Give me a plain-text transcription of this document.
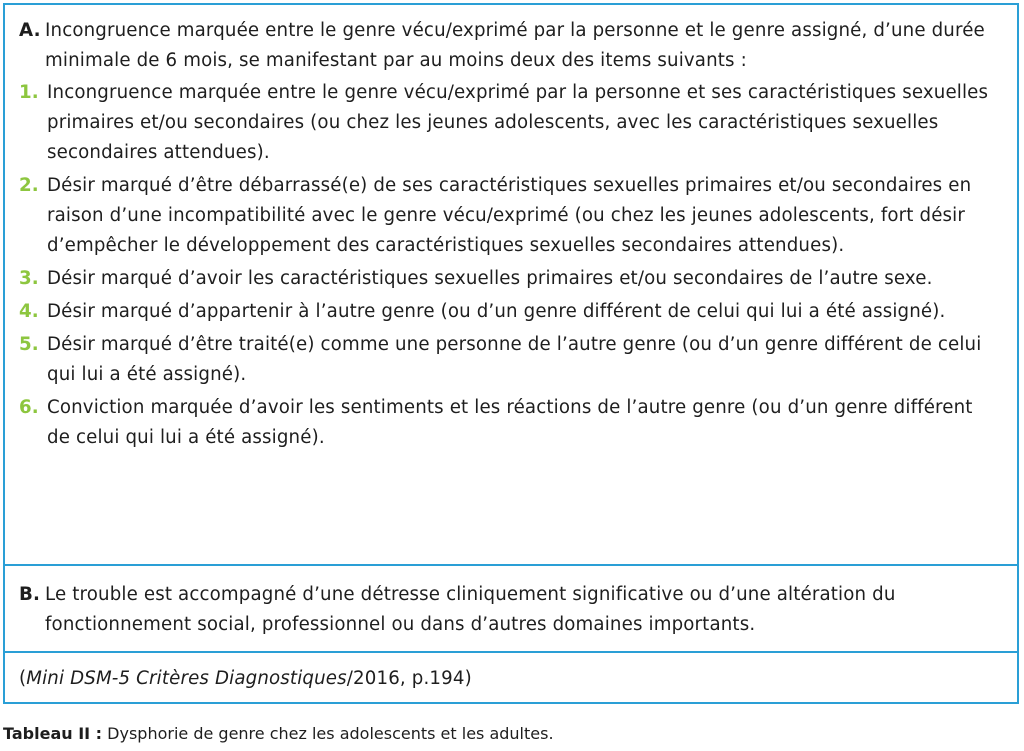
A. Incongruence marquée entre le genre vécu/exprimé par la personne et le genre assigné, d’une durée minimale de 6 mois, se manifestant par au moins deux des items suivants :
1. Incongruence marquée entre le genre vécu/exprimé par la personne et ses caractéristiques sexuelles primaires et/ou secondaires (ou chez les jeunes adolescents, avec les caractéristiques sexuelles secondaires attendues).
2. Désir marqué d’être débarrassé(e) de ses caractéristiques sexuelles primaires et/ou secondaires en raison d’une incompatibilité avec le genre vécu/exprimé (ou chez les jeunes adolescents, fort désir d’empêcher le développement des caractéristiques sexuelles secondaires attendues).
3. Désir marqué d’avoir les caractéristiques sexuelles primaires et/ou secondaires de l’autre sexe.
4. Désir marqué d’appartenir à l’autre genre (ou d’un genre différent de celui qui lui a été assigné).
5. Désir marqué d’être traité(e) comme une personne de l’autre genre (ou d’un genre différent de celui qui lui a été assigné).
6. Conviction marquée d’avoir les sentiments et les réactions de l’autre genre (ou d’un genre différent de celui qui lui a été assigné).
B. Le trouble est accompagné d’une détresse cliniquement significative ou d’une altération du fonctionnement social, professionnel ou dans d’autres domaines importants.
(Mini DSM-5 Critères Diagnostiques/2016, p.194)
Tableau II : Dysphorie de genre chez les adolescents et les adultes.
